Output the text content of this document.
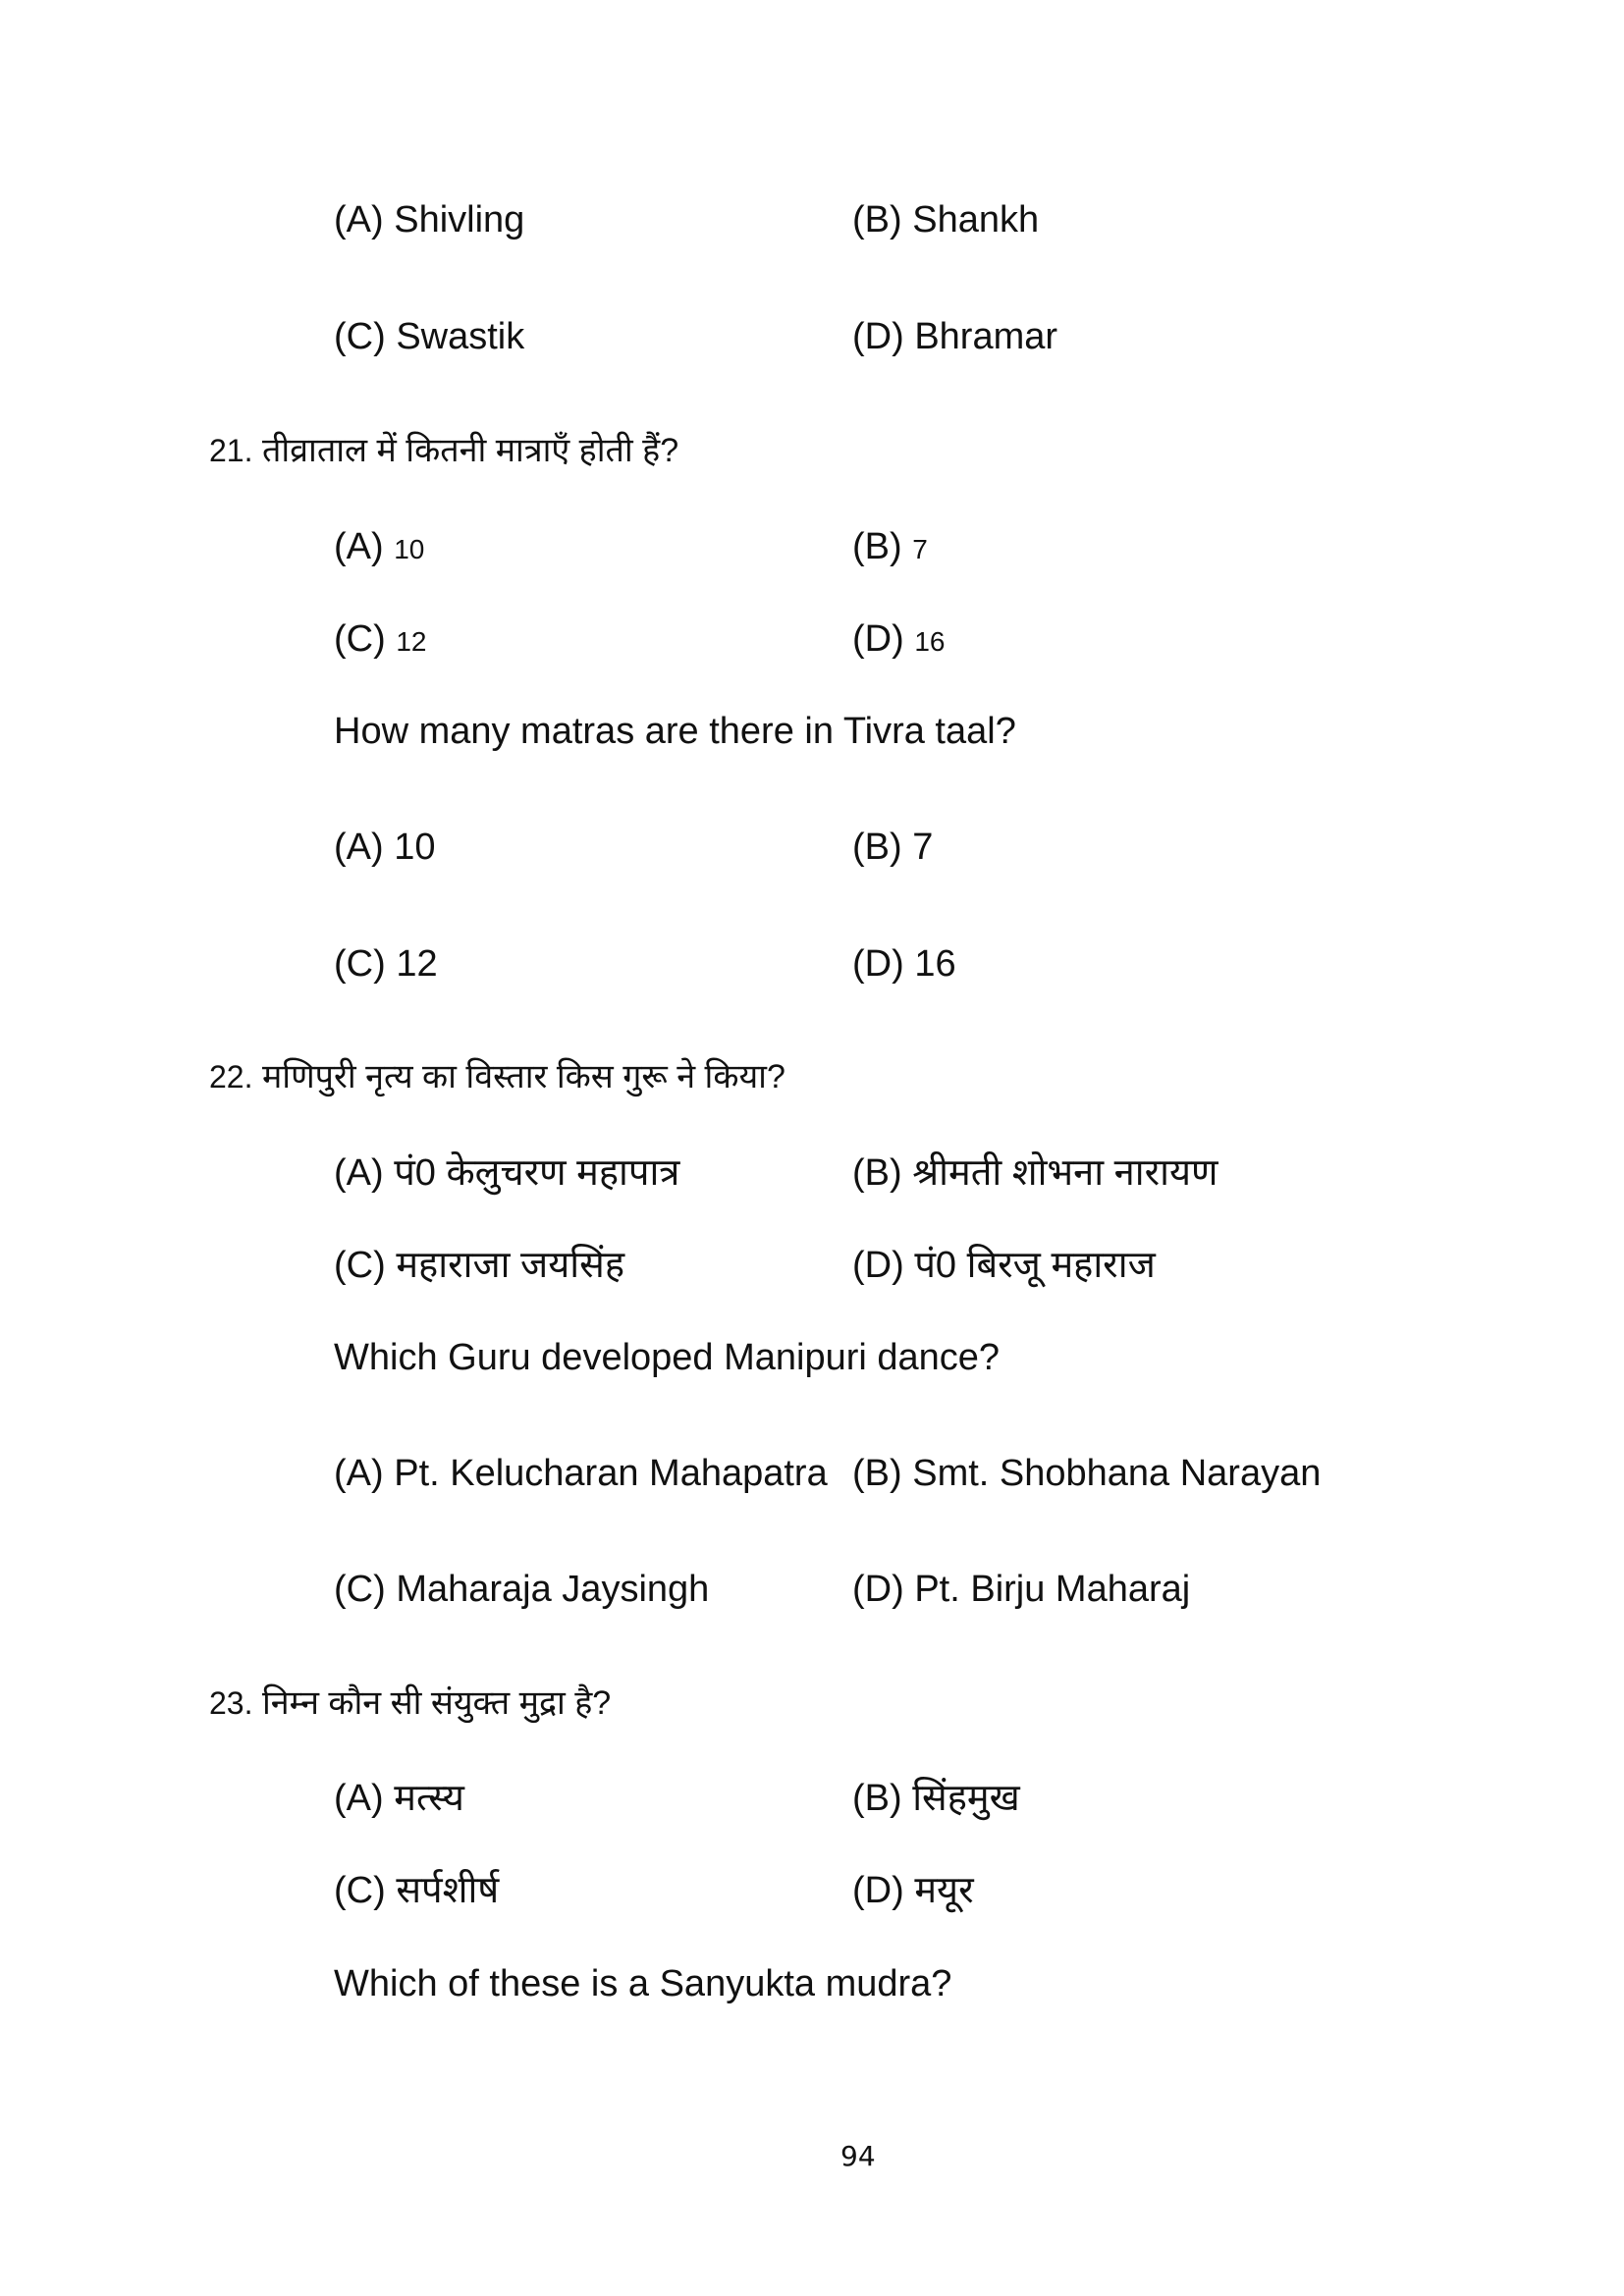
(A) Shivling	(B) Shankh
(C) Swastik	(D) Bhramar
21. तीव्राताल में कितनी मात्राएँ होती हैं?
(A) 10	(B) 7
(C) 12	(D) 16
How many matras are there in Tivra taal?
(A) 10	(B) 7
(C) 12	(D) 16
22. मणिपुरी नृत्य का विस्तार किस गुरू ने किया?
(A) पं0 केलुचरण महापात्र	(B) श्रीमती शोभना नारायण
(C) महाराजा जयसिंह	(D) पं0 बिरजू महाराज
Which Guru developed Manipuri dance?
(A) Pt. Kelucharan Mahapatra (B) Smt. Shobhana Narayan
(C) Maharaja Jaysingh	(D) Pt. Birju Maharaj
23. निम्न कौन सी संयुक्त मुद्रा है?
(A) मत्स्य	(B) सिंहमुख
(C) सर्पशीर्ष	(D) मयूर
Which of these is a Sanyukta mudra?
94
